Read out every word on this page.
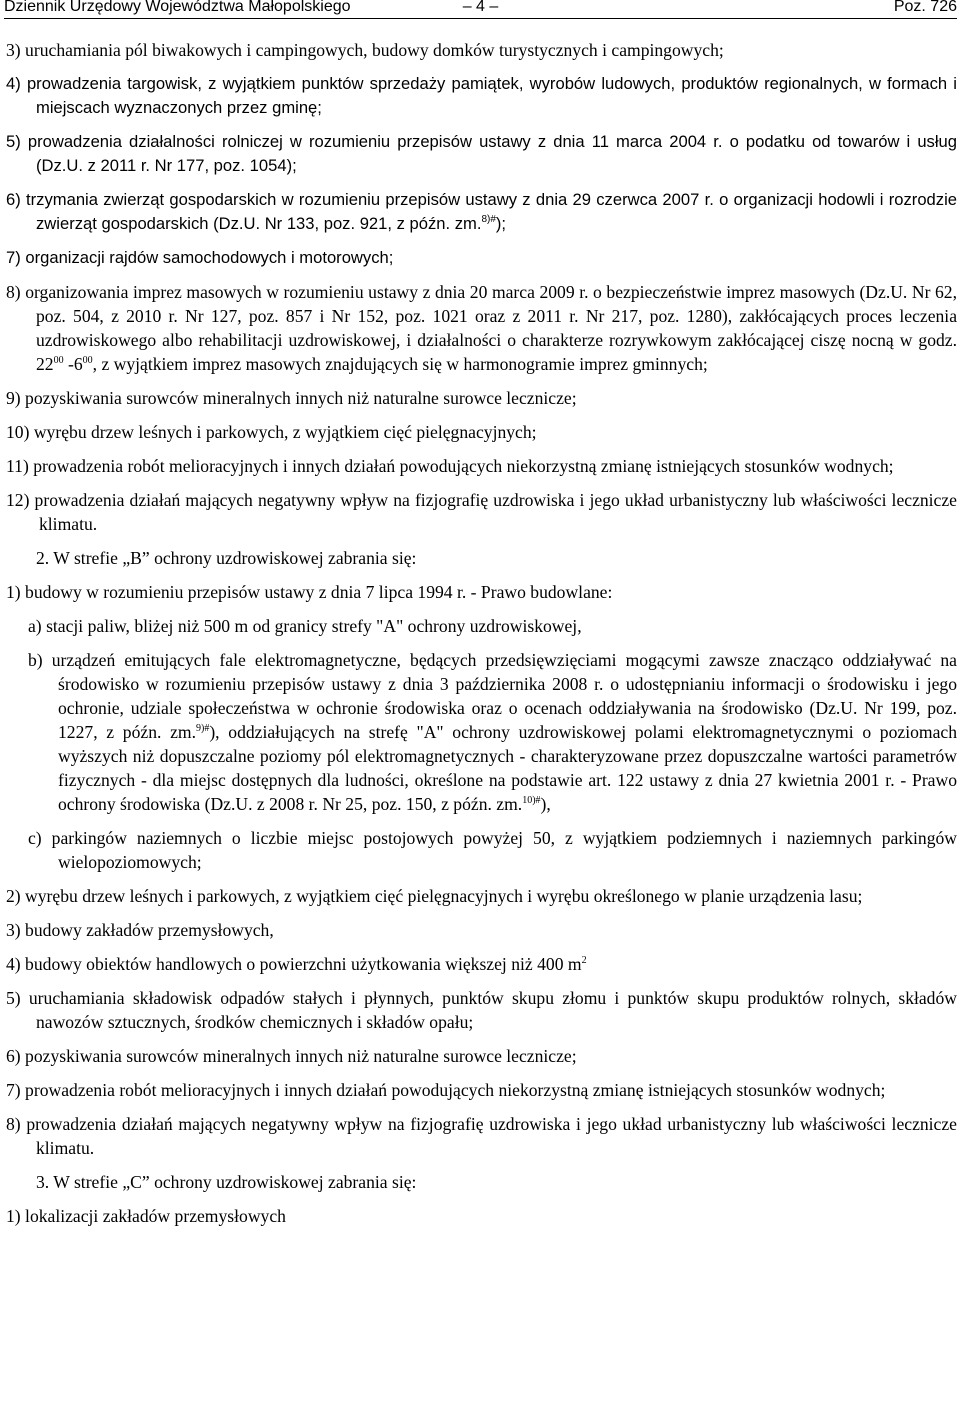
Dziennik Urzędowy Województwa Małopolskiego	– 4 –	Poz. 726

3) uruchamiania pól biwakowych i campingowych, budowy domków turystycznych i campingowych;

4) prowadzenia targowisk, z wyjątkiem punktów sprzedaży pamiątek, wyrobów ludowych, produktów regionalnych, w formach i miejscach wyznaczonych przez gminę;

5) prowadzenia działalności rolniczej w rozumieniu przepisów ustawy z dnia 11 marca 2004 r. o podatku od towarów i usług (Dz.U. z 2011 r. Nr 177, poz. 1054);

6) trzymania zwierząt gospodarskich w rozumieniu przepisów ustawy z dnia 29 czerwca 2007 r. o organizacji hodowli i rozrodzie zwierząt gospodarskich (Dz.U. Nr 133, poz. 921, z późn. zm.$^{8)\#}$);

7) organizacji rajdów samochodowych i motorowych;

8) organizowania imprez masowych w rozumieniu ustawy z dnia 20 marca 2009 r. o bezpieczeństwie imprez masowych (Dz.U. Nr 62, poz. 504, z 2010 r. Nr 127, poz. 857 i Nr 152, poz. 1021 oraz z 2011 r. Nr 217, poz. 1280), zakłócających proces leczenia uzdrowiskowego albo rehabilitacji uzdrowiskowej, i działalności o charakterze rozrywkowym zakłócającej ciszę nocną w godz. $22^{00}$ $-6^{00}$, z wyjątkiem imprez masowych znajdujących się w harmonogramie imprez gminnych;

9) pozyskiwania surowców mineralnych innych niż naturalne surowce lecznicze;

10) wyrębu drzew leśnych i parkowych, z wyjątkiem cięć pielęgnacyjnych;

11) prowadzenia robót melioracyjnych i innych działań powodujących niekorzystną zmianę istniejących stosunków wodnych;

12) prowadzenia działań mających negatywny wpływ na fizjografię uzdrowiska i jego układ urbanistyczny lub właściwości lecznicze klimatu.

2. W strefie „B” ochrony uzdrowiskowej zabrania się:

1) budowy w rozumieniu przepisów ustawy z dnia 7 lipca 1994 r. - Prawo budowlane:

a) stacji paliw, bliżej niż 500 m od granicy strefy "A" ochrony uzdrowiskowej,

b) urządzeń emitujących fale elektromagnetyczne, będących przedsięwzięciami mogącymi zawsze znacząco oddziaływać na środowisko w rozumieniu przepisów ustawy z dnia 3 października 2008 r. o udostępnianiu informacji o środowisku i jego ochronie, udziale społeczeństwa w ochronie środowiska oraz o ocenach oddziaływania na środowisko (Dz.U. Nr 199, poz. 1227, z późn. zm.$^{9)\#}$), oddziałujących na strefę "A" ochrony uzdrowiskowej polami elektromagnetycznymi o poziomach wyższych niż dopuszczalne poziomy pól elektromagnetycznych - charakteryzowane przez dopuszczalne wartości parametrów fizycznych - dla miejsc dostępnych dla ludności, określone na podstawie art. 122 ustawy z dnia 27 kwietnia 2001 r. - Prawo ochrony środowiska (Dz.U. z 2008 r. Nr 25, poz. 150, z późn. zm.$^{10)\#}$),

c) parkingów naziemnych o liczbie miejsc postojowych powyżej 50, z wyjątkiem podziemnych i naziemnych parkingów wielopoziomowych;

2) wyrębu drzew leśnych i parkowych, z wyjątkiem cięć pielęgnacyjnych i wyrębu określonego w planie urządzenia lasu;

3) budowy zakładów przemysłowych,

4) budowy obiektów handlowych o powierzchni użytkowania większej niż 400 $m^2$

5) uruchamiania składowisk odpadów stałych i płynnych, punktów skupu złomu i punktów skupu produktów rolnych, składów nawozów sztucznych, środków chemicznych i składów opału;

6) pozyskiwania surowców mineralnych innych niż naturalne surowce lecznicze;

7) prowadzenia robót melioracyjnych i innych działań powodujących niekorzystną zmianę istniejących stosunków wodnych;

8) prowadzenia działań mających negatywny wpływ na fizjografię uzdrowiska i jego układ urbanistyczny lub właściwości lecznicze klimatu.

3. W strefie „C” ochrony uzdrowiskowej zabrania się:

1) lokalizacji zakładów przemysłowych
